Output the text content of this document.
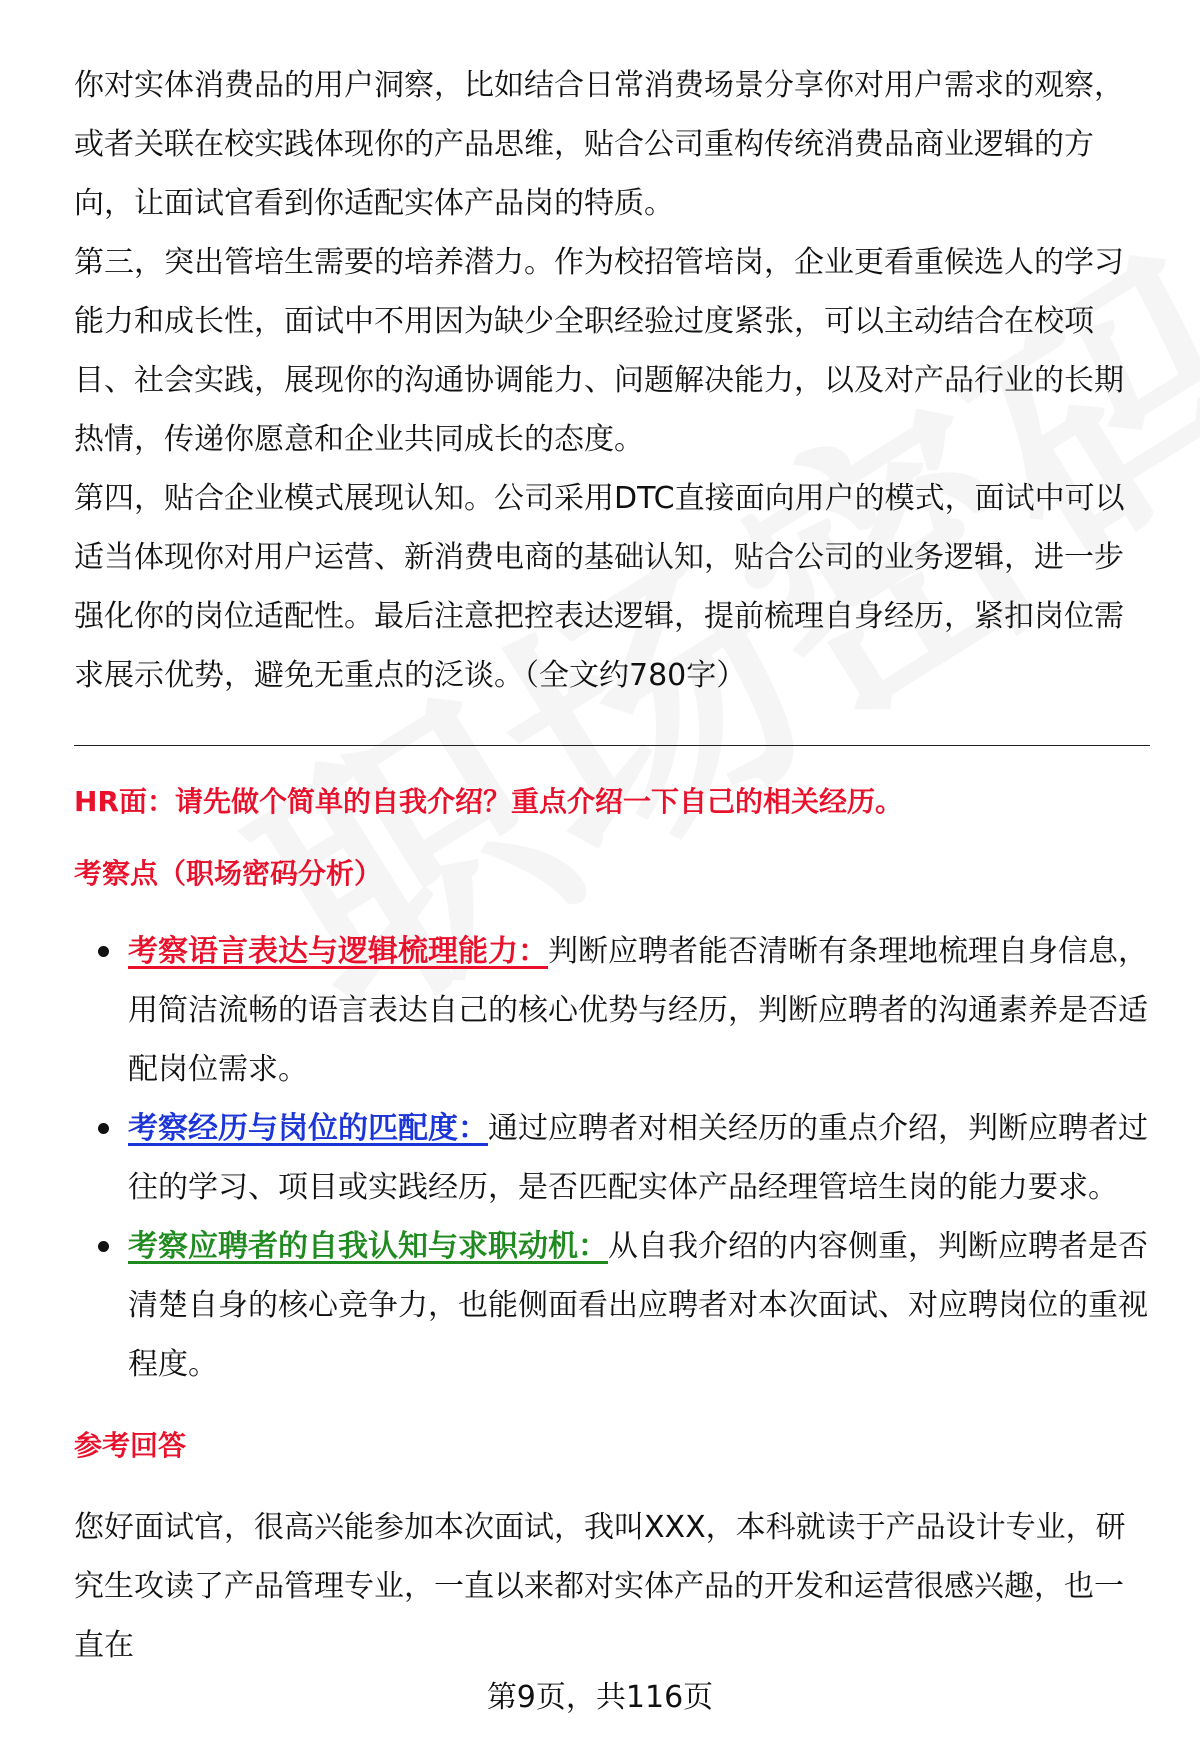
你对实体消费品的用户洞察，比如结合日常消费场景分享你对用户需求的观察，或者关联在校实践体现你的产品思维，贴合公司重构传统消费品商业逻辑的方向，让面试官看到你适配实体产品岗的特质。

第三，突出管培生需要的培养潜力。作为校招管培岗，企业更看重候选人的学习能力和成长性，面试中不用因为缺少全职经验过度紧张，可以主动结合在校项目、社会实践，展现你的沟通协调能力、问题解决能力，以及对产品行业的长期热情，传递你愿意和企业共同成长的态度。

第四，贴合企业模式展现认知。公司采用DTC直接面向用户的模式，面试中可以适当体现你对用户运营、新消费电商的基础认知，贴合公司的业务逻辑，进一步强化你的岗位适配性。最后注意把控表达逻辑，提前梳理自身经历，紧扣岗位需求展示优势，避免无重点的泛谈。（全文约780字）

HR面：请先做个简单的自我介绍？重点介绍一下自己的相关经历。

考察点（职场密码分析）

考察语言表达与逻辑梳理能力：判断应聘者能否清晰有条理地梳理自身信息，用简洁流畅的语言表达自己的核心优势与经历，判断应聘者的沟通素养是否适配岗位需求。
考察经历与岗位的匹配度：通过应聘者对相关经历的重点介绍，判断应聘者过往的学习、项目或实践经历，是否匹配实体产品经理管培生岗的能力要求。
考察应聘者的自我认知与求职动机：从自我介绍的内容侧重，判断应聘者是否清楚自身的核心竞争力，也能侧面看出应聘者对本次面试、对应聘岗位的重视程度。

参考回答

您好面试官，很高兴能参加本次面试，我叫XXX，本科就读于产品设计专业，研究生攻读了产品管理专业，一直以来都对实体产品的开发和运营很感兴趣，也一直在

第9页，共116页
